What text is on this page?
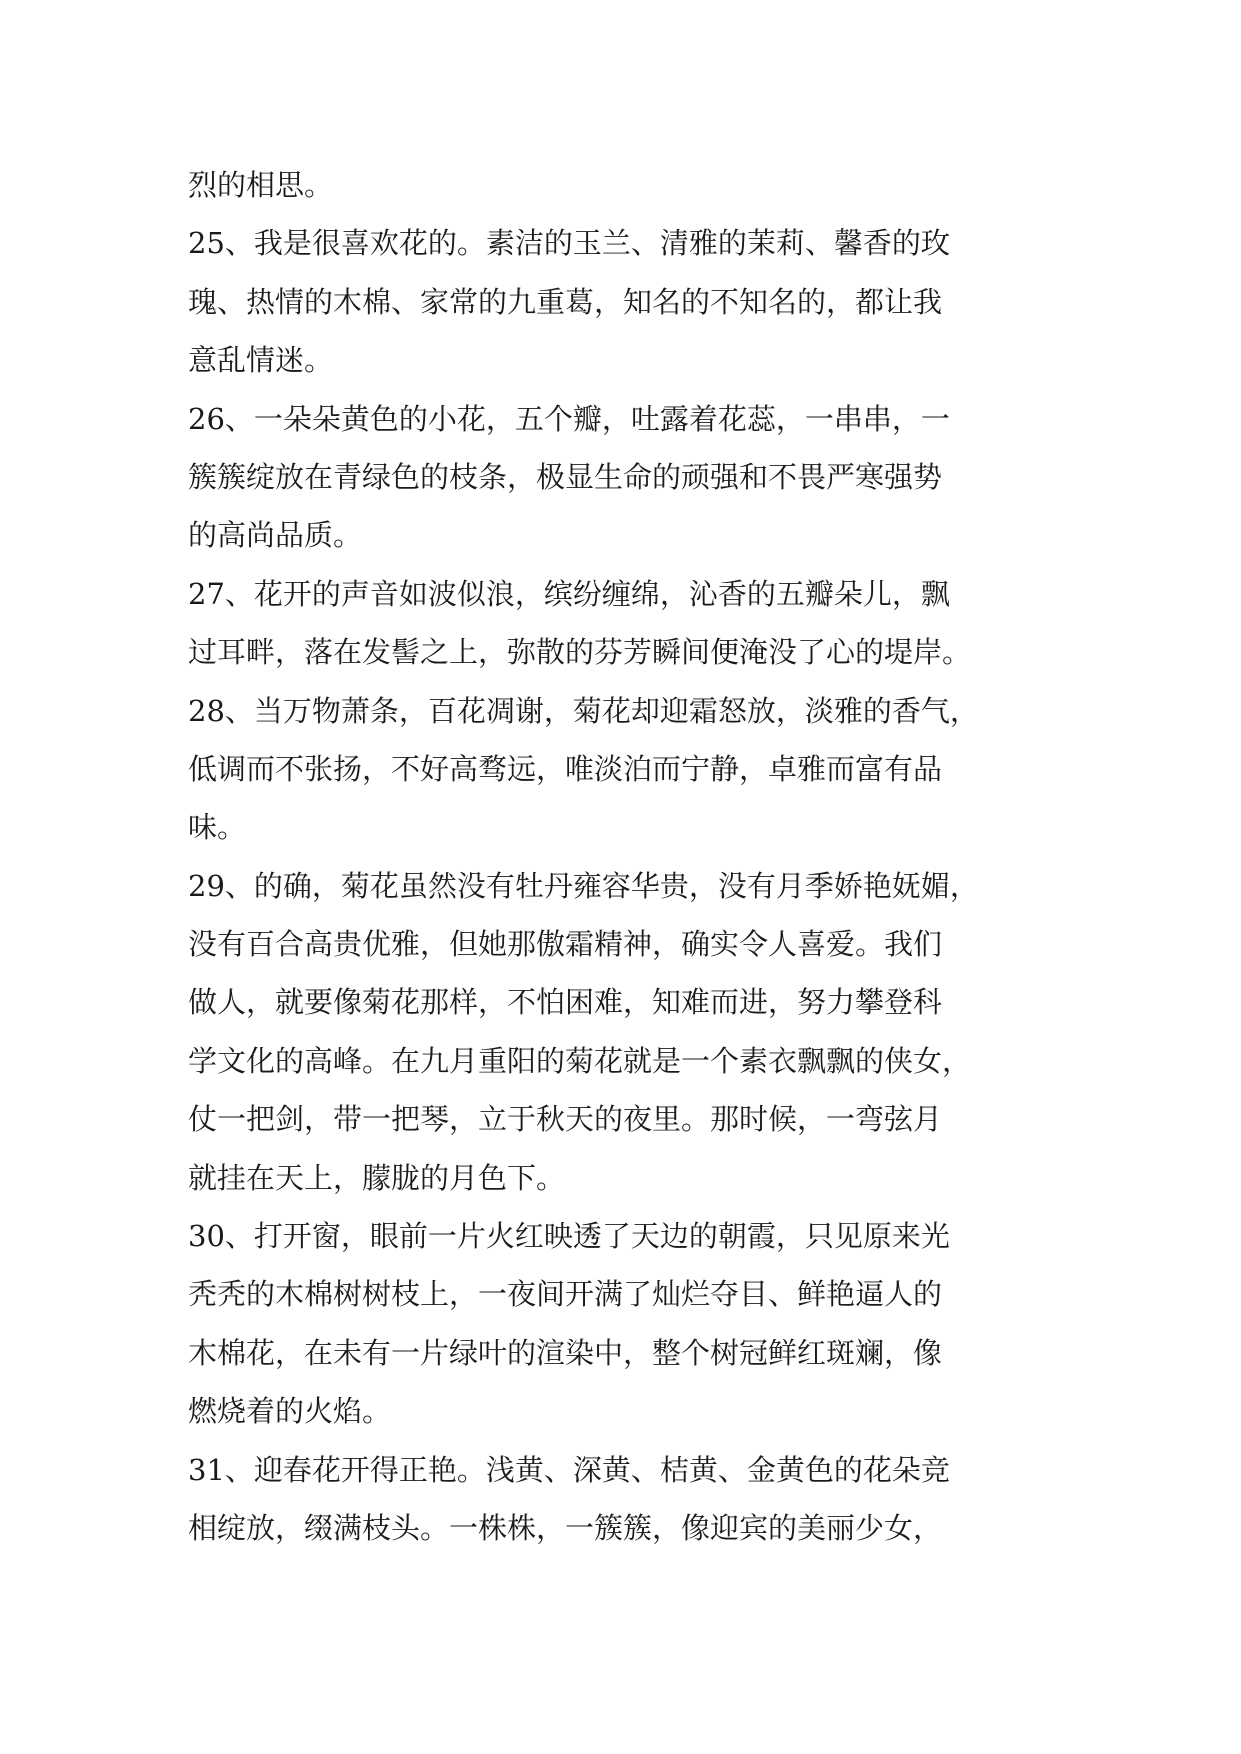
烈的相思。
25、我是很喜欢花的。素洁的玉兰、清雅的茉莉、馨香的玫
瑰、热情的木棉、家常的九重葛，知名的不知名的，都让我
意乱情迷。
26、一朵朵黄色的小花，五个瓣，吐露着花蕊，一串串，一
簇簇绽放在青绿色的枝条，极显生命的顽强和不畏严寒强势
的高尚品质。
27、花开的声音如波似浪，缤纷缠绵，沁香的五瓣朵儿，飘
过耳畔，落在发髻之上，弥散的芬芳瞬间便淹没了心的堤岸。
28、当万物萧条，百花凋谢，菊花却迎霜怒放，淡雅的香气，
低调而不张扬，不好高骛远，唯淡泊而宁静，卓雅而富有品
味。
29、的确，菊花虽然没有牡丹雍容华贵，没有月季娇艳妩媚，
没有百合高贵优雅，但她那傲霜精神，确实令人喜爱。我们
做人，就要像菊花那样，不怕困难，知难而进，努力攀登科
学文化的高峰。在九月重阳的菊花就是一个素衣飘飘的侠女，
仗一把剑，带一把琴，立于秋天的夜里。那时候，一弯弦月
就挂在天上，朦胧的月色下。
30、打开窗，眼前一片火红映透了天边的朝霞，只见原来光
秃秃的木棉树树枝上，一夜间开满了灿烂夺目、鲜艳逼人的
木棉花，在未有一片绿叶的渲染中，整个树冠鲜红斑斓，像
燃烧着的火焰。
31、迎春花开得正艳。浅黄、深黄、桔黄、金黄色的花朵竞
相绽放，缀满枝头。一株株，一簇簇，像迎宾的美丽少女，
